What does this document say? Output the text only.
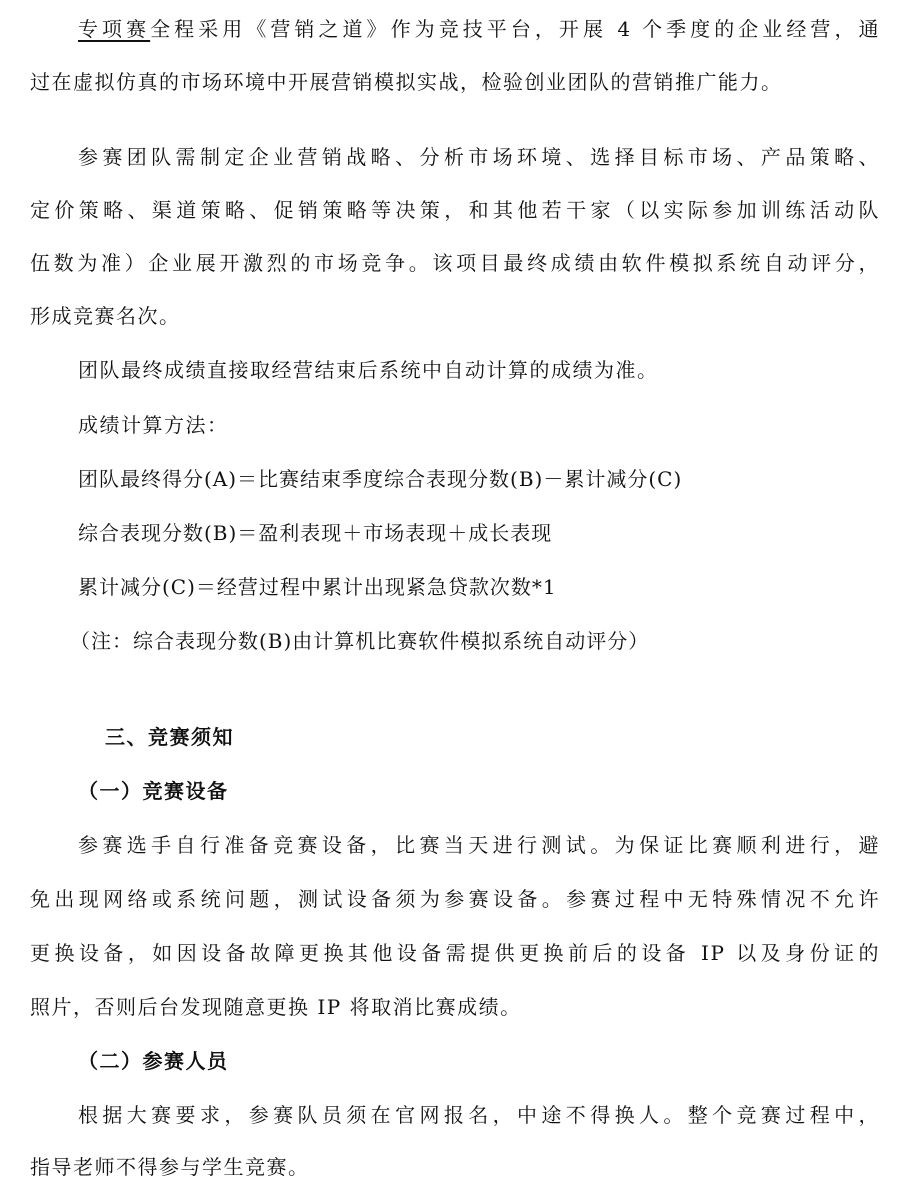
专项赛全程采用《营销之道》作为竞技平台，开展 4 个季度的企业经营，通
过在虚拟仿真的市场环境中开展营销模拟实战，检验创业团队的营销推广能力。
参赛团队需制定企业营销战略、分析市场环境、选择目标市场、产品策略、
定价策略、渠道策略、促销策略等决策，和其他若干家（以实际参加训练活动队
伍数为准）企业展开激烈的市场竞争。该项目最终成绩由软件模拟系统自动评分，
形成竞赛名次。
团队最终成绩直接取经营结束后系统中自动计算的成绩为准。
成绩计算方法：
团队最终得分(A)＝比赛结束季度综合表现分数(B)－累计减分(C)
综合表现分数(B)＝盈利表现＋市场表现＋成长表现
累计减分(C)＝经营过程中累计出现紧急贷款次数*1
（注：综合表现分数(B)由计算机比赛软件模拟系统自动评分）
三、竞赛须知
（一）竞赛设备
参赛选手自行准备竞赛设备，比赛当天进行测试。为保证比赛顺利进行，避
免出现网络或系统问题，测试设备须为参赛设备。参赛过程中无特殊情况不允许
更换设备，如因设备故障更换其他设备需提供更换前后的设备 IP 以及身份证的
照片，否则后台发现随意更换 IP 将取消比赛成绩。
（二）参赛人员
根据大赛要求，参赛队员须在官网报名，中途不得换人。整个竞赛过程中，
指导老师不得参与学生竞赛。
